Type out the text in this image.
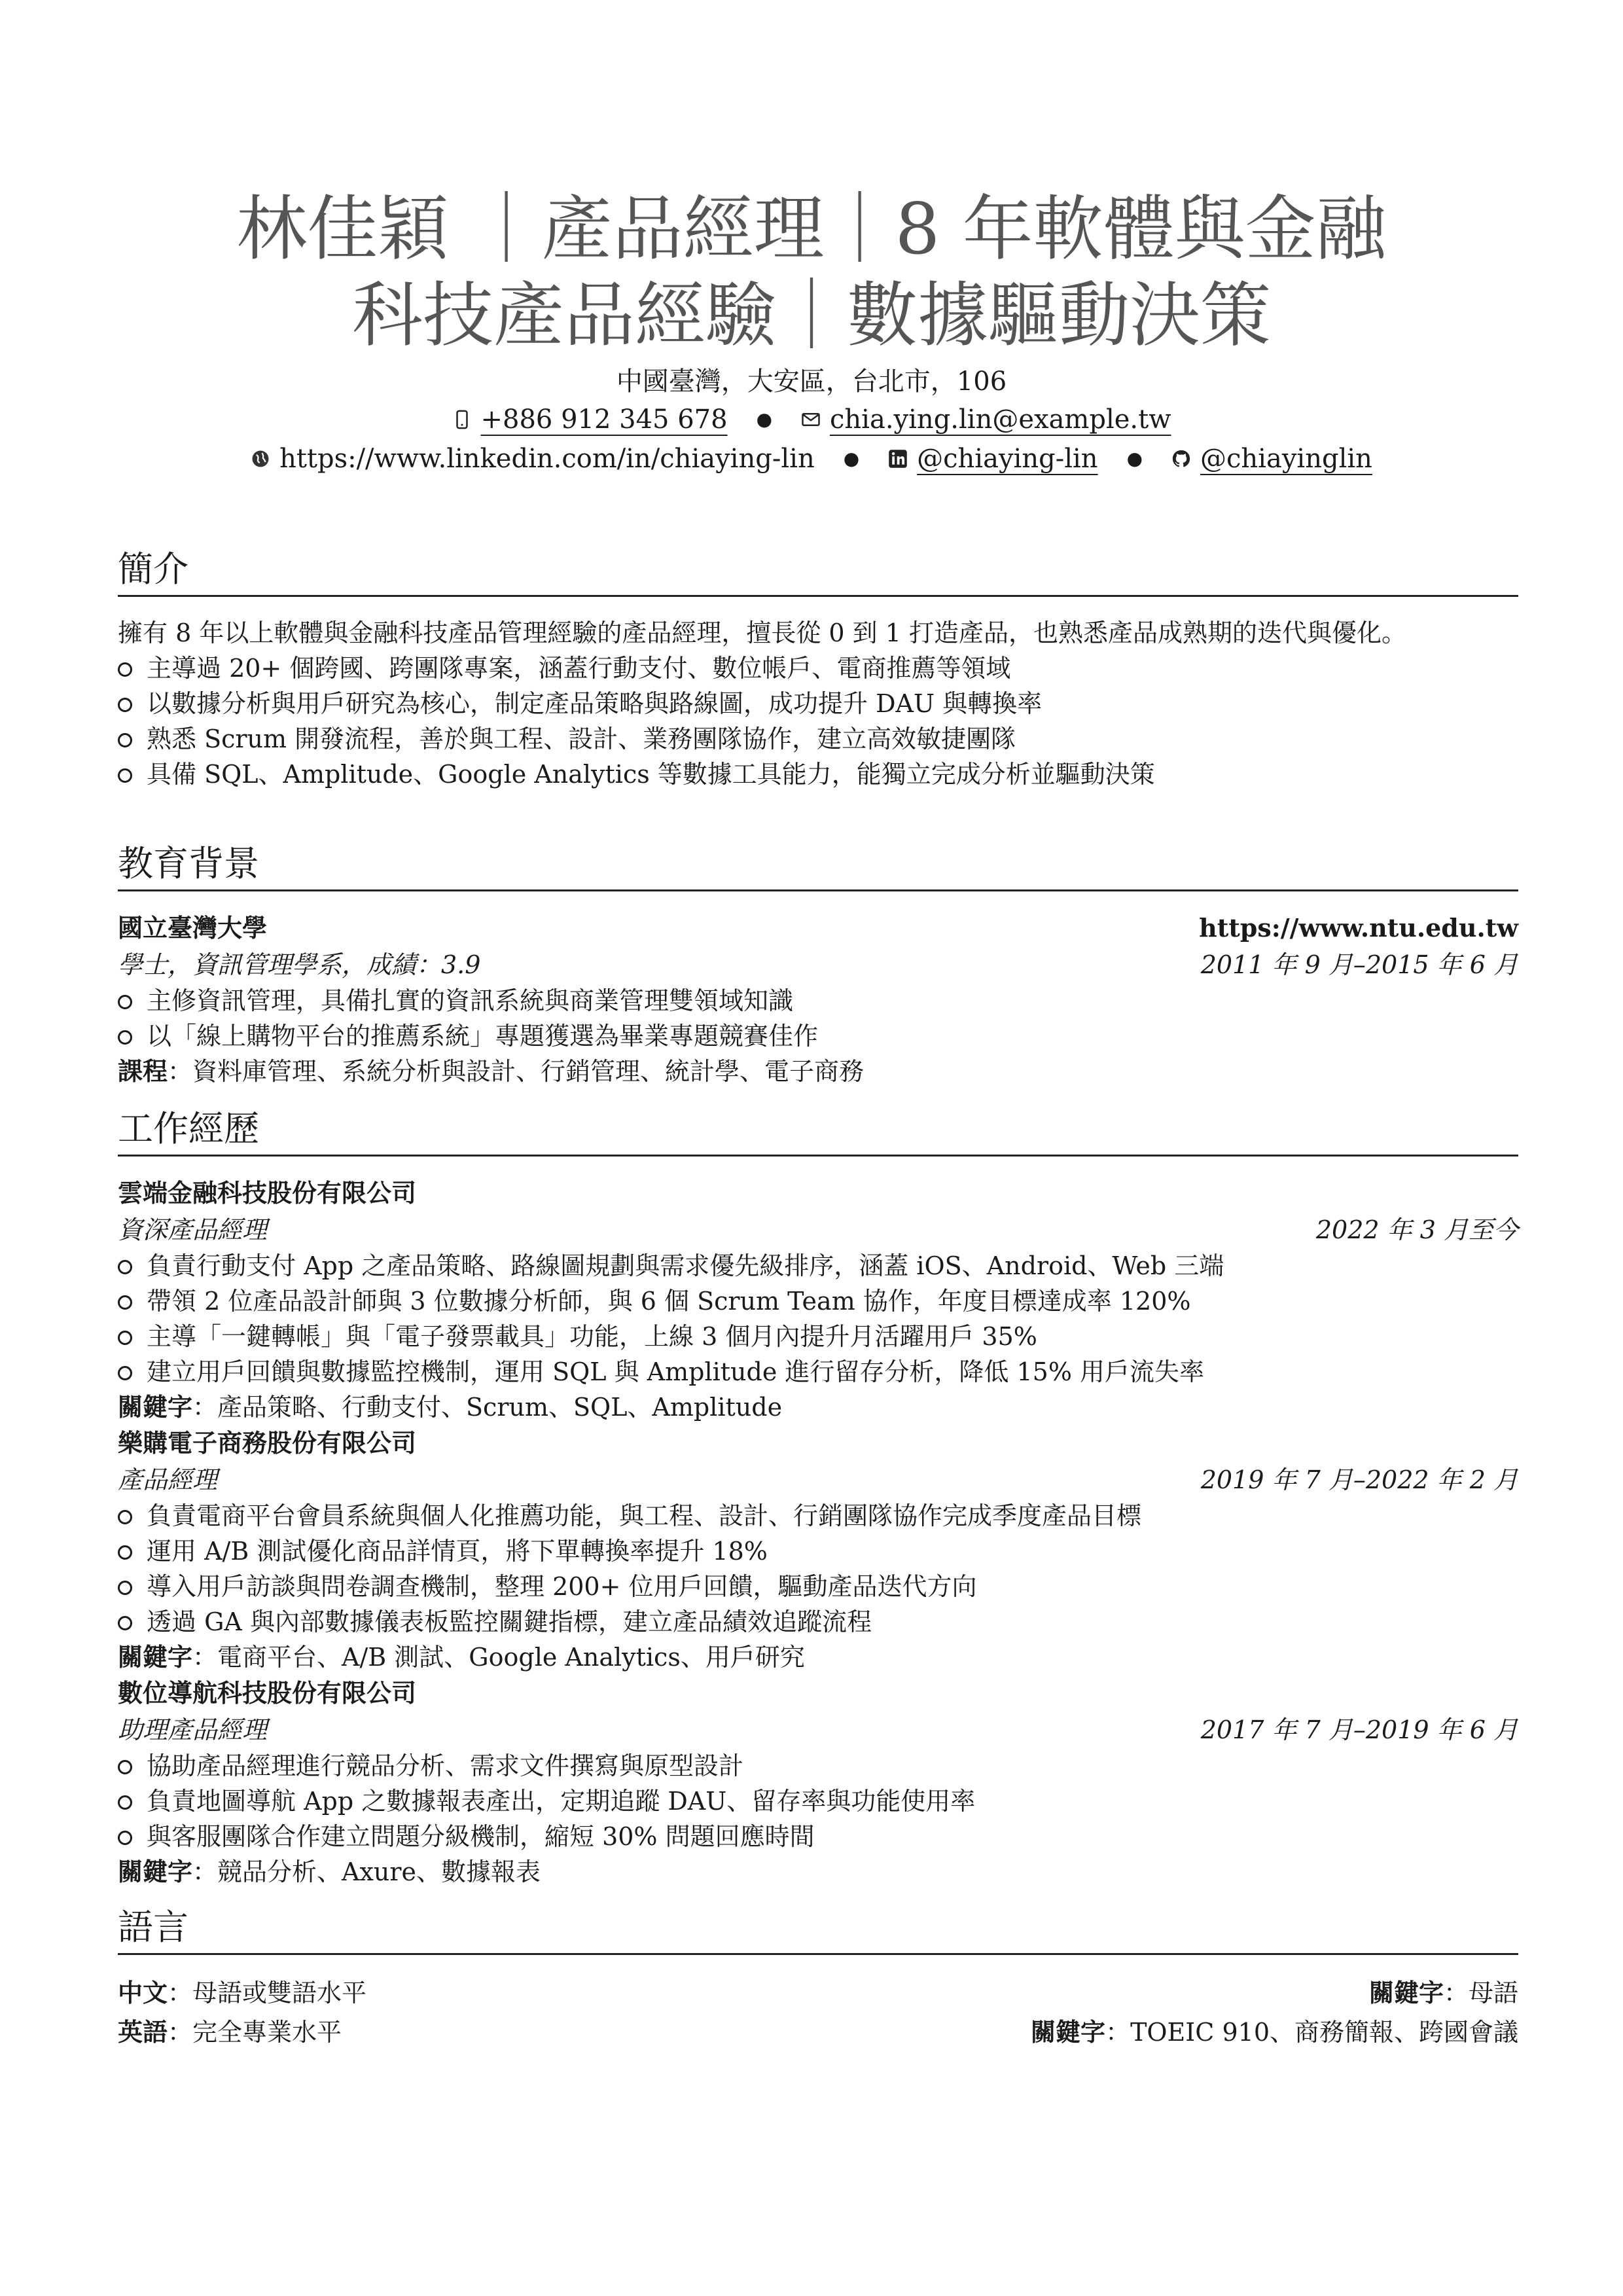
林佳穎 ｜產品經理｜8 年軟體與金融
科技產品經驗｜數據驅動決策
中國臺灣，大安區，台北市，106
+886 912 345 678 ● chia.ying.lin@example.tw
https://www.linkedin.com/in/chiaying-lin ● @chiaying-lin ● @chiayinglin
簡介
擁有 8 年以上軟體與金融科技產品管理經驗的產品經理，擅長從 0 到 1 打造產品，也熟悉產品成熟期的迭代與優化。
主導過 20+ 個跨國、跨團隊專案，涵蓋行動支付、數位帳戶、電商推薦等領域
以數據分析與用戶研究為核心，制定產品策略與路線圖，成功提升 DAU 與轉換率
熟悉 Scrum 開發流程，善於與工程、設計、業務團隊協作，建立高效敏捷團隊
具備 SQL、Amplitude、Google Analytics 等數據工具能力，能獨立完成分析並驅動決策
教育背景
國立臺灣大學	https://www.ntu.edu.tw
學士，資訊管理學系，成績：3.9	2011 年 9 月–2015 年 6 月
主修資訊管理，具備扎實的資訊系統與商業管理雙領域知識
以「線上購物平台的推薦系統」專題獲選為畢業專題競賽佳作
課程：資料庫管理、系統分析與設計、行銷管理、統計學、電子商務
工作經歷
雲端金融科技股份有限公司
資深產品經理	2022 年 3 月至今
負責行動支付 App 之產品策略、路線圖規劃與需求優先級排序，涵蓋 iOS、Android、Web 三端
帶領 2 位產品設計師與 3 位數據分析師，與 6 個 Scrum Team 協作，年度目標達成率 120%
主導「一鍵轉帳」與「電子發票載具」功能，上線 3 個月內提升月活躍用戶 35%
建立用戶回饋與數據監控機制，運用 SQL 與 Amplitude 進行留存分析，降低 15% 用戶流失率
關鍵字：產品策略、行動支付、Scrum、SQL、Amplitude
樂購電子商務股份有限公司
產品經理	2019 年 7 月–2022 年 2 月
負責電商平台會員系統與個人化推薦功能，與工程、設計、行銷團隊協作完成季度產品目標
運用 A/B 測試優化商品詳情頁，將下單轉換率提升 18%
導入用戶訪談與問卷調查機制，整理 200+ 位用戶回饋，驅動產品迭代方向
透過 GA 與內部數據儀表板監控關鍵指標，建立產品績效追蹤流程
關鍵字：電商平台、A/B 測試、Google Analytics、用戶研究
數位導航科技股份有限公司
助理產品經理	2017 年 7 月–2019 年 6 月
協助產品經理進行競品分析、需求文件撰寫與原型設計
負責地圖導航 App 之數據報表產出，定期追蹤 DAU、留存率與功能使用率
與客服團隊合作建立問題分級機制，縮短 30% 問題回應時間
關鍵字：競品分析、Axure、數據報表
語言
中文：母語或雙語水平	關鍵字：母語
英語：完全專業水平	關鍵字：TOEIC 910、商務簡報、跨國會議
